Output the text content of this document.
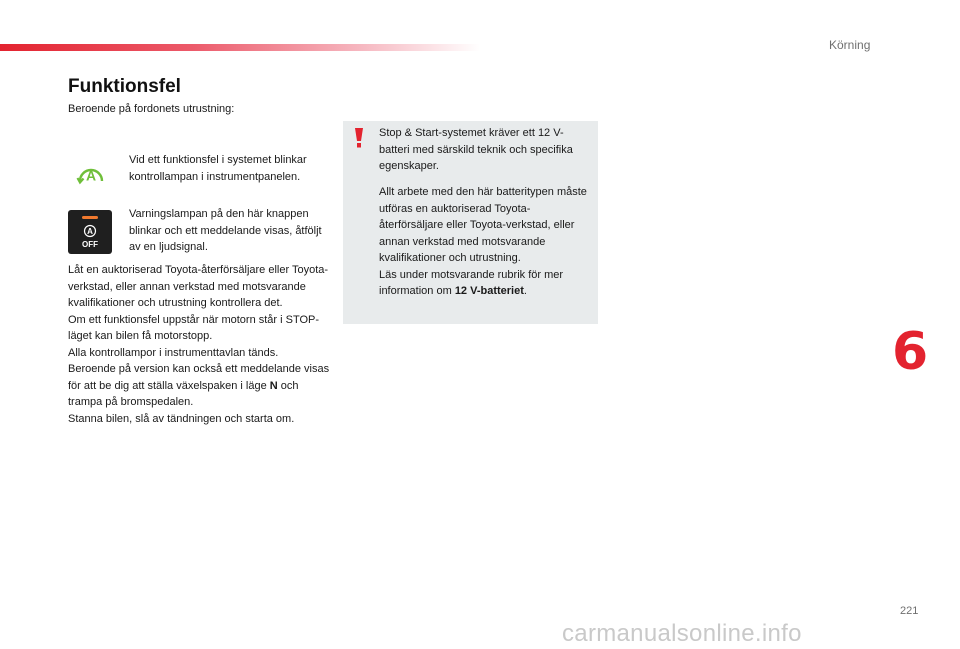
Körning
Funktionsfel
Beroende på fordonets utrustning:
A
Vid ett funktionsfel i systemet blinkar kontrollampan i instrumentpanelen.
A
OFF
Varningslampan på den här knappen blinkar och ett meddelande visas, åtföljt av en ljudsignal.
Låt en auktoriserad Toyota-återförsäljare eller Toyota-verkstad, eller annan verkstad med motsvarande kvalifikationer och utrustning kontrollera det.
Om ett funktionsfel uppstår när motorn står i STOP-läget kan bilen få motorstopp.
Alla kontrollampor i instrumenttavlan tänds.
Beroende på version kan också ett meddelande visas för att be dig att ställa växelspaken i läge N och trampa på bromspedalen.
Stanna bilen, slå av tändningen och starta om.
Stop & Start-systemet kräver ett 12 V-batteri med särskild teknik och specifika egenskaper.
Allt arbete med den här batteritypen måste utföras en auktoriserad Toyota-återförsäljare eller Toyota-verkstad, eller annan verkstad med motsvarande kvalifikationer och utrustning.
Läs under motsvarande rubrik för mer information om 12 V-batteriet.
6
221
carmanualsonline.info
